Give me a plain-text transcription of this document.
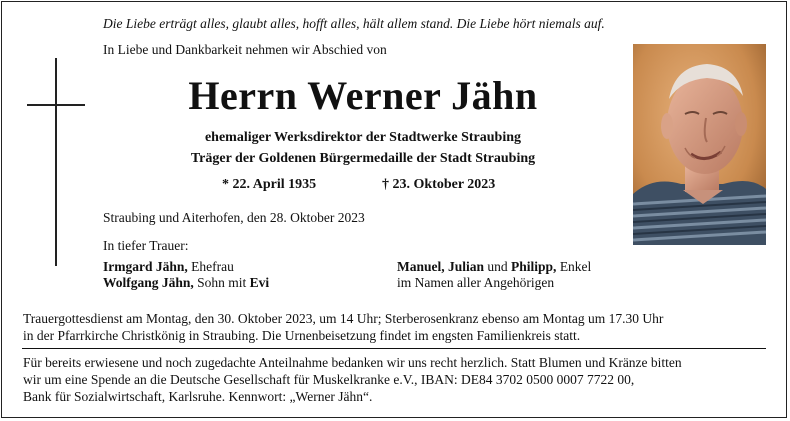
Die Liebe erträgt alles, glaubt alles, hofft alles, hält allem stand. Die Liebe hört niemals auf.
In Liebe und Dankbarkeit nehmen wir Abschied von
Herrn Werner Jähn
ehemaliger Werksdirektor der Stadtwerke Straubing
Träger der Goldenen Bürgermedaille der Stadt Straubing
* 22. April 1935	† 23. Oktober 2023
Straubing und Aiterhofen, den 28. Oktober 2023
In tiefer Trauer:
Irmgard Jähn, Ehefrau
Wolfgang Jähn, Sohn mit Evi
Manuel, Julian und Philipp, Enkel
im Namen aller Angehörigen
Trauergottesdienst am Montag, den 30. Oktober 2023, um 14 Uhr; Sterberosenkranz ebenso am Montag um 17.30 Uhr
in der Pfarrkirche Christkönig in Straubing. Die Urnenbeisetzung findet im engsten Familienkreis statt.
Für bereits erwiesene und noch zugedachte Anteilnahme bedanken wir uns recht herzlich. Statt Blumen und Kränze bitten
wir um eine Spende an die Deutsche Gesellschaft für Muskelkranke e.V., IBAN: DE84 3702 0500 0007 7722 00,
Bank für Sozialwirtschaft, Karlsruhe. Kennwort: „Werner Jähn“.
